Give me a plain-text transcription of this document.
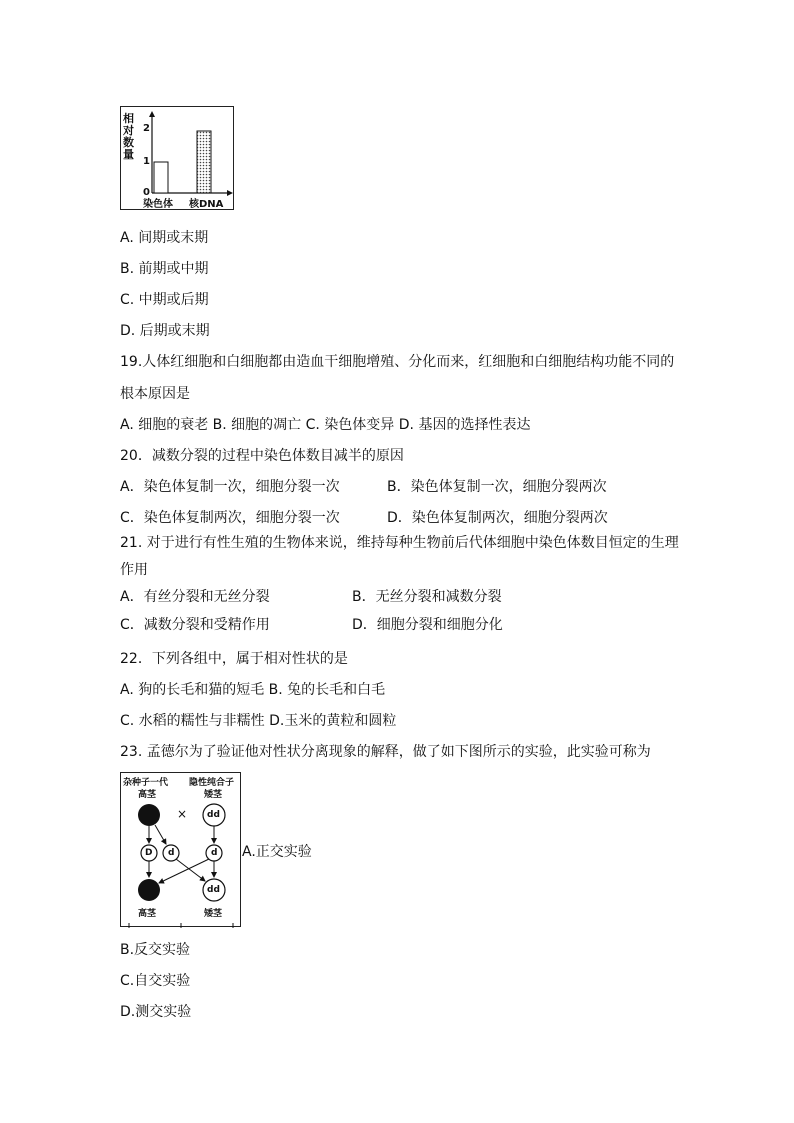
相
对
数
量
2
1
0
染色体 核DNA
A. 间期或末期
B. 前期或中期
C. 中期或后期
D. 后期或末期
19.人体红细胞和白细胞都由造血干细胞增殖、分化而来，红细胞和白细胞结构功能不同的
根本原因是
A. 细胞的衰老 B. 细胞的凋亡 C. 染色体变异 D. 基因的选择性表达
20．减数分裂的过程中染色体数目减半的原因
A．染色体复制一次，细胞分裂一次	B．染色体复制一次，细胞分裂两次
C．染色体复制两次，细胞分裂一次	D．染色体复制两次，细胞分裂两次
21. 对于进行有性生殖的生物体来说，维持每种生物前后代体细胞中染色体数目恒定的生理
作用
A．有丝分裂和无丝分裂	B．无丝分裂和减数分裂
C．减数分裂和受精作用	D．细胞分裂和细胞分化
22．下列各组中，属于相对性状的是
A. 狗的长毛和猫的短毛 B. 兔的长毛和白毛
C. 水稻的糯性与非糯性 D.玉米的黄粒和圆粒
23. 孟德尔为了验证他对性状分离现象的解释，做了如下图所示的实验，此实验可称为
杂种子一代
高茎
隐性纯合子
矮茎
× dd
D d	d
dd
高茎	矮茎
A.正交实验
B.反交实验
C.自交实验
D.测交实验
